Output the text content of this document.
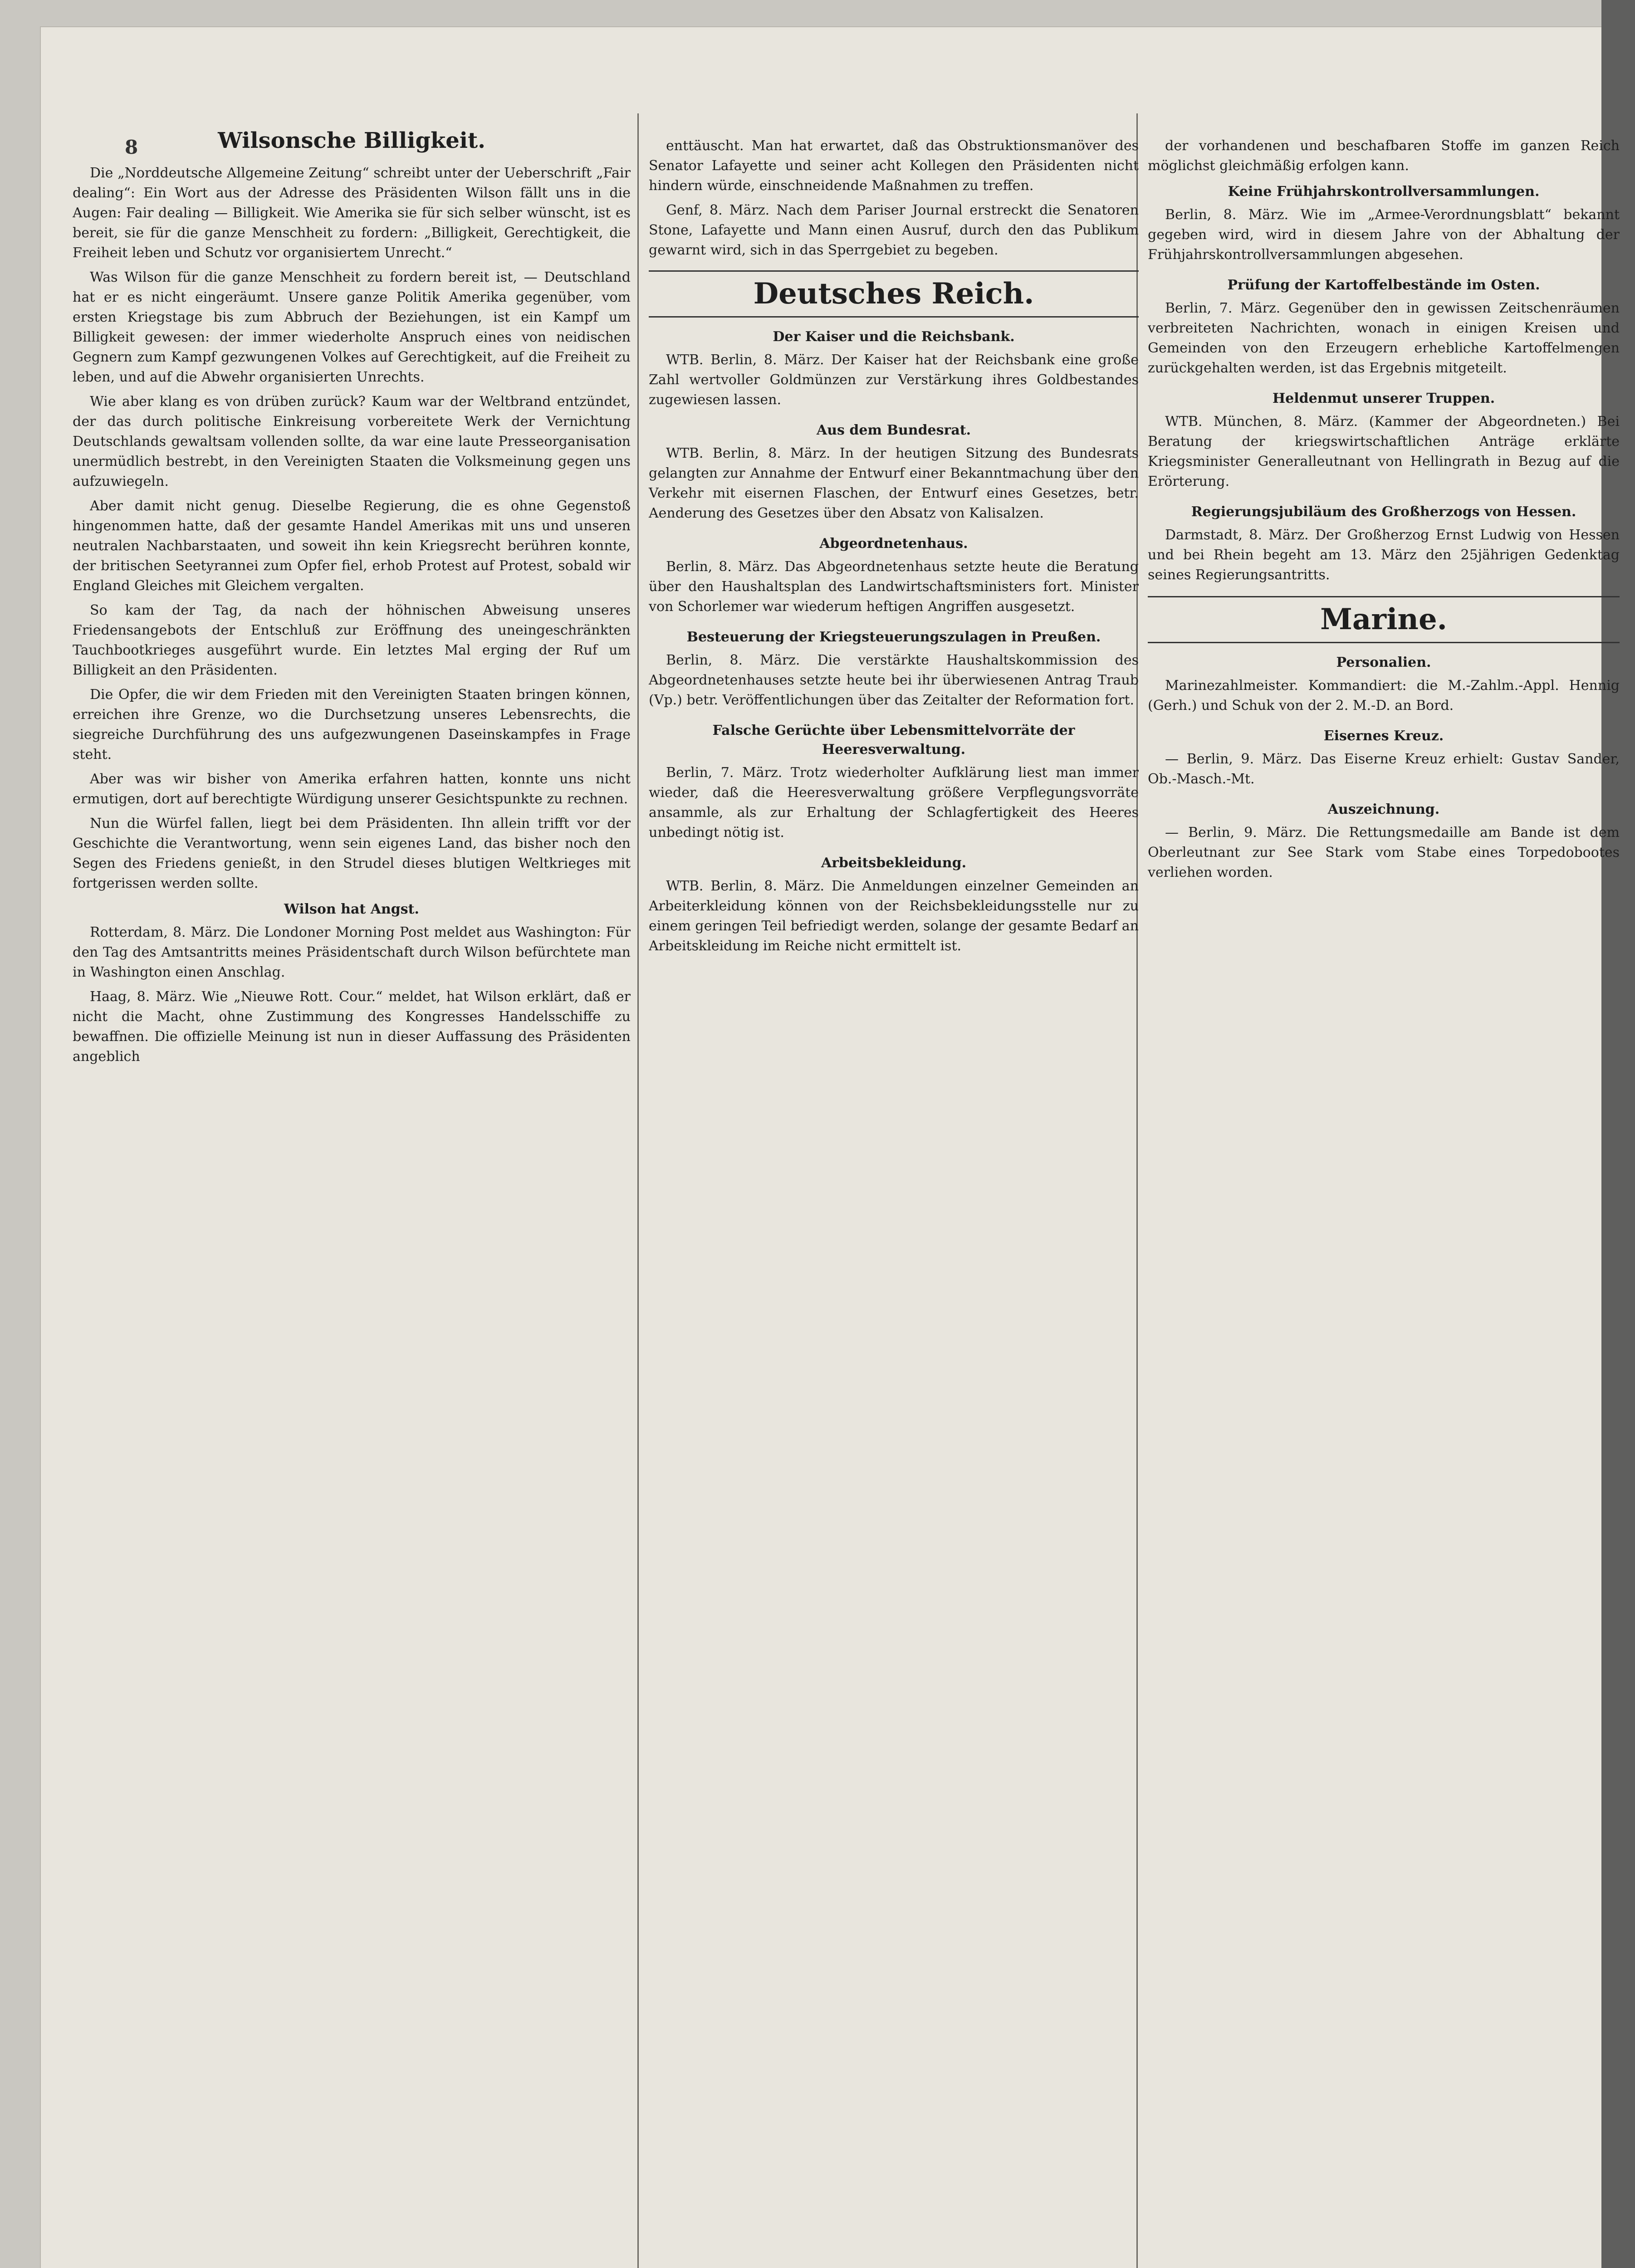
8	Wilsonsche Billigkeit.

Die „Norddeutsche Allgemeine Zeitung“ schreibt unter der Ueberschrift „Fair dealing“: Ein Wort aus der Adresse des Präsidenten Wilson fällt uns in die Augen: Fair dealing — Billigkeit. Wie Amerika sie für sich selber wünscht, ist es bereit, sie für die ganze Menschheit zu fordern: „Billigkeit, Gerechtigkeit, die Freiheit leben und Schutz vor organisiertem Unrecht.“

Was Wilson für die ganze Menschheit zu fordern bereit ist, — Deutschland hat er es nicht eingeräumt. Unsere ganze Politik Amerika gegenüber, vom ersten Kriegstage bis zum Abbruch der Beziehungen, ist ein Kampf um Billigkeit gewesen: der immer wiederholte Anspruch eines von neidischen Gegnern zum Kampf gezwungenen Volkes auf Gerechtigkeit, auf die Freiheit zu leben, und auf die Abwehr organisierten Unrechts.

Wie aber klang es von drüben zurück? Kaum war der Weltbrand entzündet, der das durch politische Einkreisung vorbereitete Werk der Vernichtung Deutschlands gewaltsam vollenden sollte, da war eine laute Presseorganisation unermüdlich bestrebt, in den Vereinigten Staaten die Volksmeinung gegen uns aufzuwiegeln.

Aber damit nicht genug. Dieselbe Regierung, die es ohne Gegenstoß hingenommen hatte, daß der gesamte Handel Amerikas mit uns und unseren neutralen Nachbarstaaten, und soweit ihn kein Kriegsrecht berühren konnte, der britischen Seetyrannei zum Opfer fiel, erhob Protest auf Protest, sobald wir England Gleiches mit Gleichem vergalten.

So kam der Tag, da nach der höhnischen Abweisung unseres Friedensangebots der Entschluß zur Eröffnung des uneingeschränkten Tauchbootkrieges ausgeführt wurde. Ein letztes Mal erging der Ruf um Billigkeit an den Präsidenten.

Die Opfer, die wir dem Frieden mit den Vereinigten Staaten bringen können, erreichen ihre Grenze, wo die Durchsetzung unseres Lebensrechts, die siegreiche Durchführung des uns aufgezwungenen Daseinskampfes in Frage steht.

Aber was wir bisher von Amerika erfahren hatten, konnte uns nicht ermutigen, dort auf berechtigte Würdigung unserer Gesichtspunkte zu rechnen.

Nun die Würfel fallen, liegt bei dem Präsidenten. Ihn allein trifft vor der Geschichte die Verantwortung, wenn sein eigenes Land, das bisher noch den Segen des Friedens genießt, in den Strudel dieses blutigen Weltkrieges mit fortgerissen werden sollte.

Wilson hat Angst.

Rotterdam, 8. März. Die Londoner Morning Post meldet aus Washington: Für den Tag des Amtsantritts meines Präsidentschaft durch Wilson befürchtete man in Washington einen Anschlag.

Haag, 8. März. Wie „Nieuwe Rott. Cour.“ meldet, hat Wilson erklärt, daß er nicht die Macht, ohne Zustimmung des Kongresses Handelsschiffe zu bewaffnen. Die offizielle Meinung ist nun in dieser Auffassung des Präsidenten angeblich

enttäuscht. Man hat erwartet, daß das Obstruktionsmanöver des Senator Lafayette und seiner acht Kollegen den Präsidenten nicht hindern würde, einschneidende Maßnahmen zu treffen.

Genf, 8. März. Nach dem Pariser Journal erstreckt die Senatoren Stone, Lafayette und Mann einen Ausruf, durch den das Publikum gewarnt wird, sich in das Sperrgebiet zu begeben.

Deutsches Reich.
Der Kaiser und die Reichsbank.

WTB. Berlin, 8. März. Der Kaiser hat der Reichsbank eine große Zahl wertvoller Goldmünzen zur Verstärkung ihres Goldbestandes zugewiesen lassen.

Aus dem Bundesrat.

WTB. Berlin, 8. März. In der heutigen Sitzung des Bundesrats gelangten zur Annahme der Entwurf einer Bekanntmachung über den Verkehr mit eisernen Flaschen, der Entwurf eines Gesetzes, betr. Aenderung des Gesetzes über den Absatz von Kalisalzen.

Abgeordnetenhaus.

Berlin, 8. März. Das Abgeordnetenhaus setzte heute die Beratung über den Haushaltsplan des Landwirtschaftsministers fort. Minister von Schorlemer war wiederum heftigen Angriffen ausgesetzt.

Besteuerung der Kriegsteuerungszulagen in Preußen.

Berlin, 8. März. Die verstärkte Haushaltskommission des Abgeordnetenhauses setzte heute bei ihr überwiesenen Antrag Traub (Vp.) betr. Veröffentlichungen über das Zeitalter der Reformation fort.

Falsche Gerüchte über Lebensmittelvorräte der Heeresverwaltung.

Berlin, 7. März. Trotz wiederholter Aufklärung liest man immer wieder, daß die Heeresverwaltung größere Verpflegungsvorräte ansammle, als zur Erhaltung der Schlagfertigkeit des Heeres unbedingt nötig ist.

Arbeitsbekleidung.

WTB. Berlin, 8. März. Die Anmeldungen einzelner Gemeinden an Arbeiterkleidung können von der Reichsbekleidungsstelle nur zu einem geringen Teil befriedigt werden, solange der gesamte Bedarf an Arbeitskleidung im Reiche nicht ermittelt ist.

der vorhandenen und beschafbaren Stoffe im ganzen Reich möglichst gleichmäßig erfolgen kann.

Keine Frühjahrskontrollversammlungen.

Berlin, 8. März. Wie im „Armee-Verordnungsblatt“ bekannt gegeben wird, wird in diesem Jahre von der Abhaltung der Frühjahrskontrollversammlungen abgesehen.

Prüfung der Kartoffelbestände im Osten.

Berlin, 7. März. Gegenüber den in gewissen Zeitschenräumen verbreiteten Nachrichten, wonach in einigen Kreisen und Gemeinden von den Erzeugern erhebliche Kartoffelmengen zurückgehalten werden, ist das Ergebnis mitgeteilt.

Heldenmut unserer Truppen.

WTB. München, 8. März. (Kammer der Abgeordneten.) Bei Beratung der kriegswirtschaftlichen Anträge erklärte Kriegsminister Generalleutnant von Hellingrath in Bezug auf die Erörterung.

Regierungsjubiläum des Großherzogs von Hessen.

Darmstadt, 8. März. Der Großherzog Ernst Ludwig von Hessen und bei Rhein begeht am 13. März den 25jährigen Gedenktag seines Regierungsantritts.

Marine.
Personalien.

Marinezahlmeister. Kommandiert: die M.-Zahlm.-Appl. Hennig (Gerh.) und Schuk von der 2. M.-D. an Bord.

Eisernes Kreuz.

— Berlin, 9. März. Das Eiserne Kreuz erhielt: Gustav Sander, Ob.-Masch.-Mt.

Auszeichnung.

— Berlin, 9. März. Die Rettungsmedaille am Bande ist dem Oberleutnant zur See Stark vom Stabe eines Torpedobootes verliehen worden.
